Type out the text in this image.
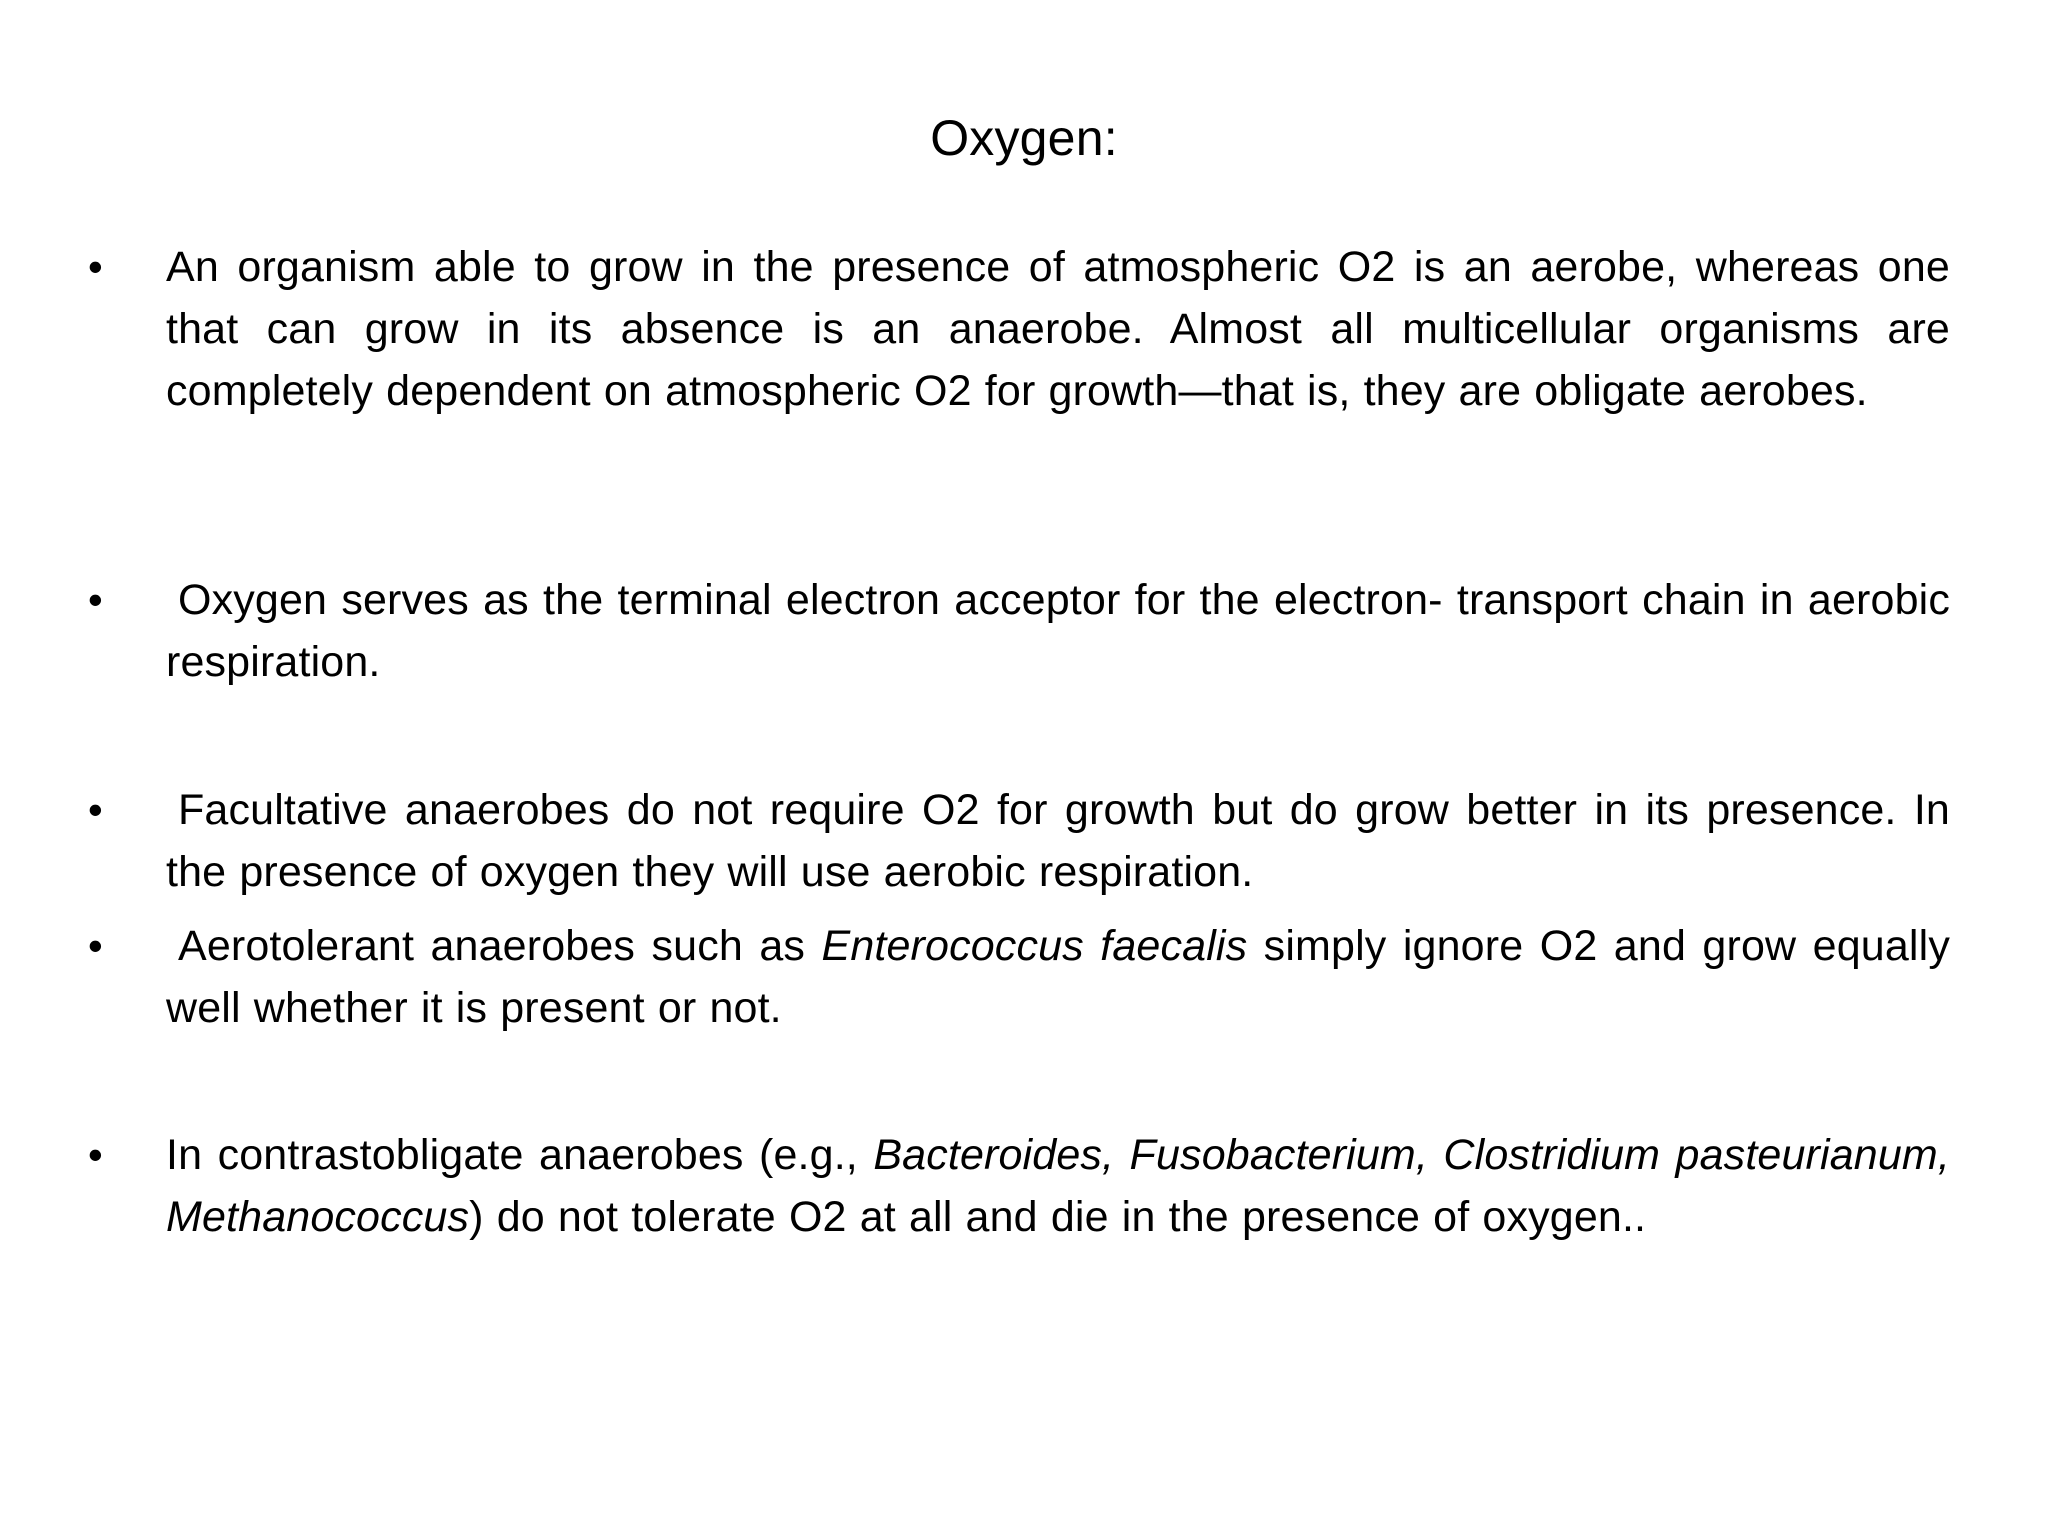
Oxygen:
• An organism able to grow in the presence of atmospheric O2 is an aerobe, whereas one that can grow in its absence is an anaerobe. Almost all multicellular organisms are completely dependent on atmospheric O2 for growth—that is, they are obligate aerobes.
• Oxygen serves as the terminal electron acceptor for the electron- transport chain in aerobic respiration.
• Facultative anaerobes do not require O2 for growth but do grow better in its presence. In the presence of oxygen they will use aerobic respiration.
• Aerotolerant anaerobes such as Enterococcus faecalis simply ignore O2 and grow equally well whether it is present or not.
• In contrastobligate anaerobes (e.g., Bacteroides, Fusobacterium, Clostridium pasteurianum, Methanococcus) do not tolerate O2 at all and die in the presence of oxygen..
